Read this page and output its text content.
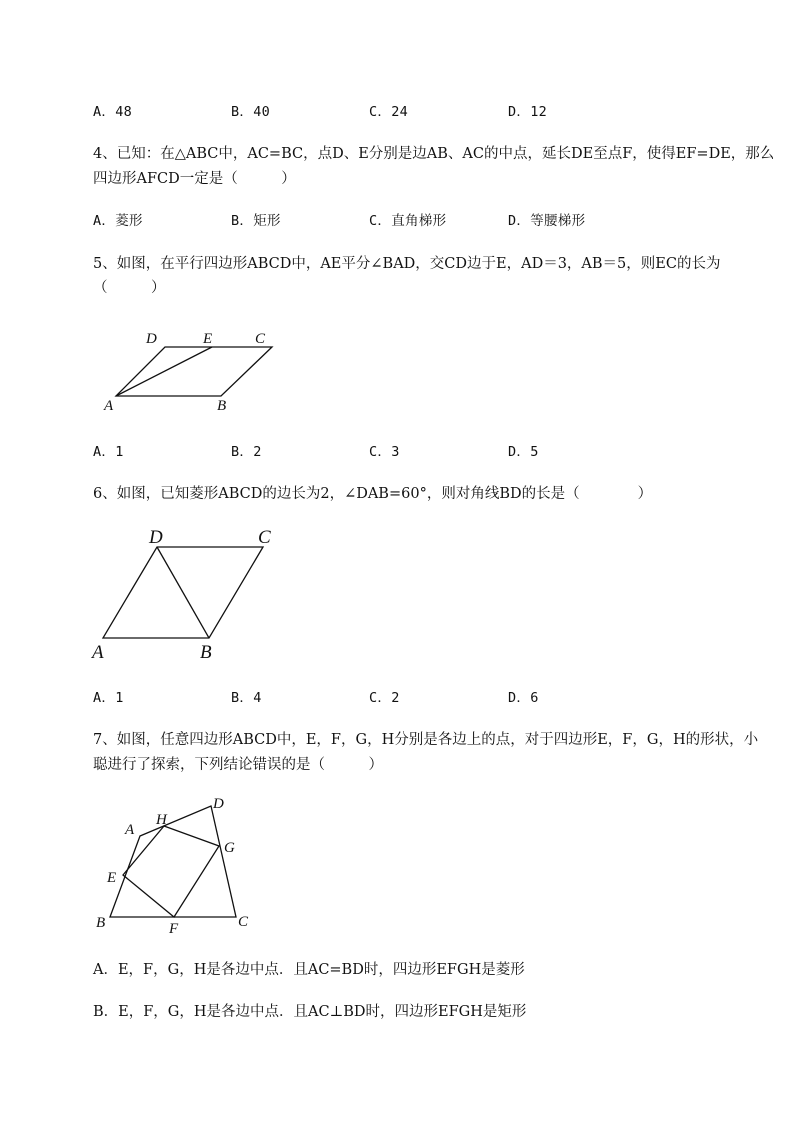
A．48	B．40	C．24	D．12
4、已知：在△ABC中，AC=BC，点D、E分别是边AB、AC的中点，延长DE至点F，使得EF=DE，那么
四边形AFCD一定是（　　　）
A．菱形	B．矩形	C．直角梯形	D．等腰梯形
5、如图，在平行四边形ABCD中，AE平分∠BAD，交CD边于E，AD＝3，AB＝5，则EC的长为
（　　　）
D	E	C
A	B
A．1	B．2	C．3	D．5
6、如图，已知菱形ABCD的边长为2，∠DAB=60°，则对角线BD的长是（　　　　）
D	C
A	B
A．1	B．4	C．2	D．6
7、如图，任意四边形ABCD中，E，F，G，H分别是各边上的点，对于四边形E，F，G，H的形状，小
聪进行了探索，下列结论错误的是（　　　）
A
B	C
D
E
F
G
H
A．E，F，G，H是各边中点．且AC=BD时，四边形EFGH是菱形
B．E，F，G，H是各边中点．且AC⊥BD时，四边形EFGH是矩形
